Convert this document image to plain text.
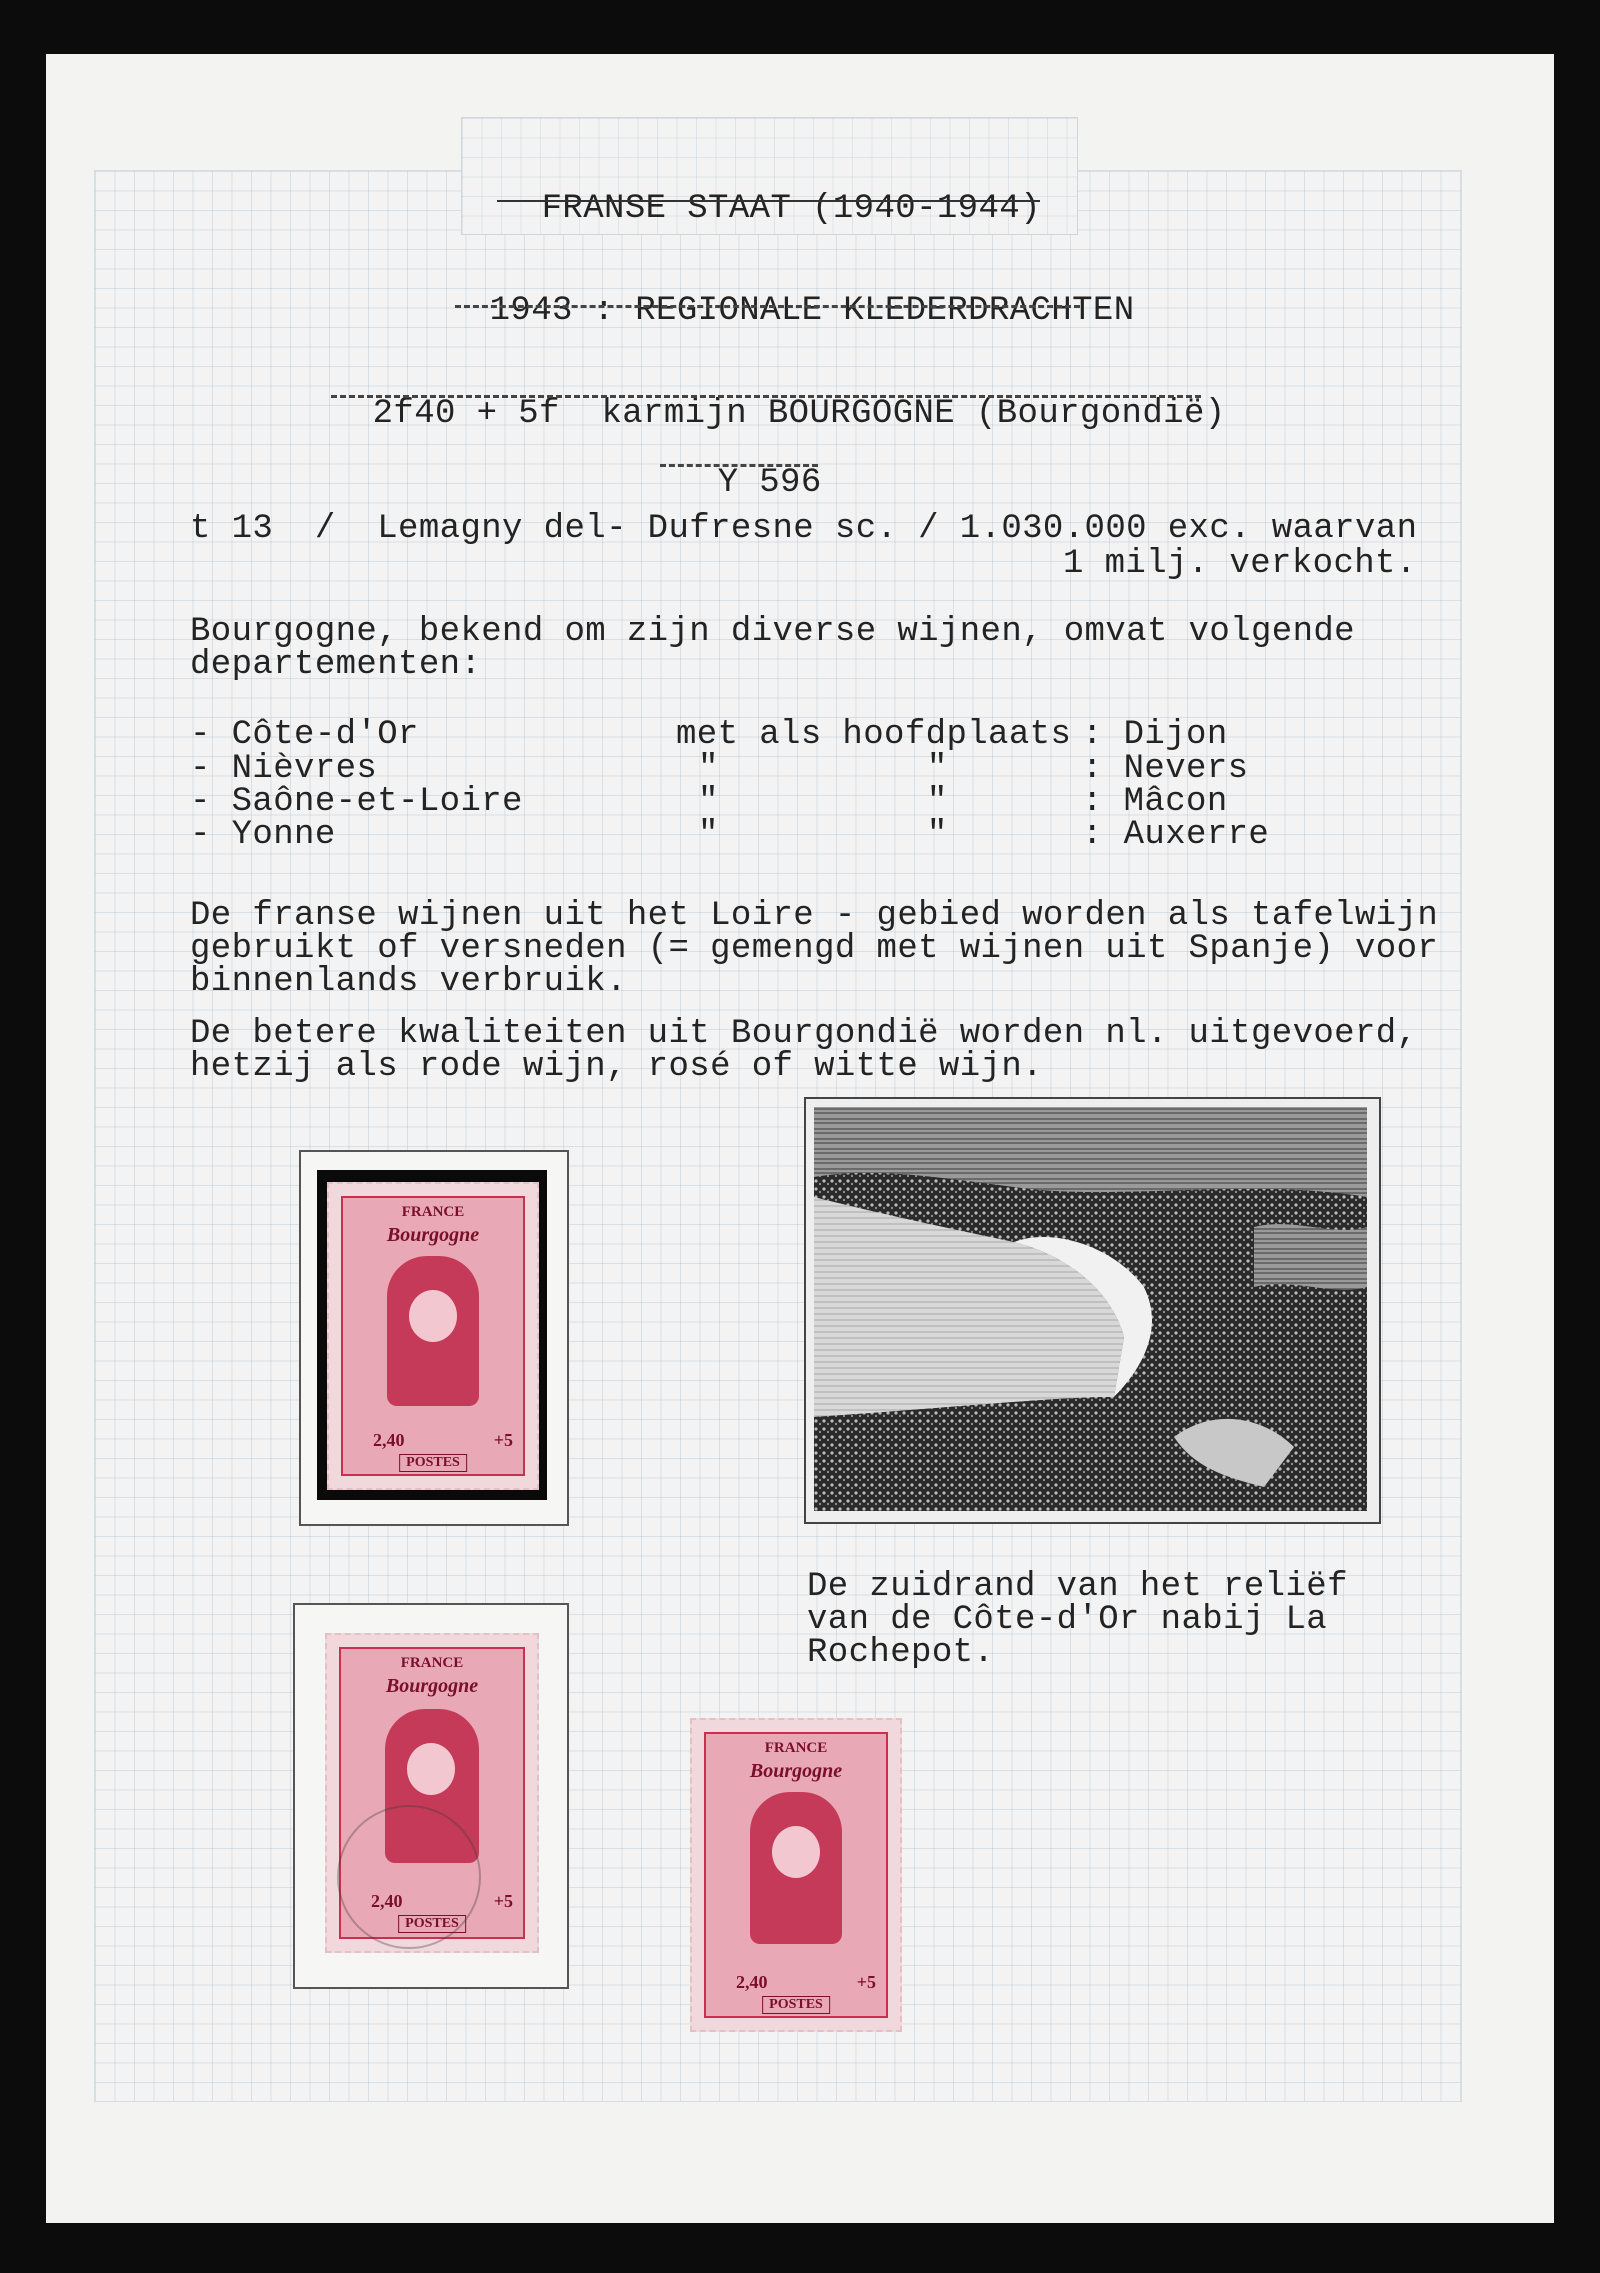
FRANSE STAAT (1940-1944)

1943 : REGIONALE KLEDERDRACHTEN

2f40 + 5f  karmijn BOURGOGNE (Bourgondië)

Y 596

t 13  /  Lemagny del- Dufresne sc. / 1.030.000 exc. waarvan
1 milj. verkocht.
Bourgogne, bekend om zijn diverse wijnen, omvat volgende
departementen:
- Côte-d'Or	met als hoofdplaats : Dijon
- Nièvres	"          "	: Nevers
- Saône-et-Loire	"          "	: Mâcon
- Yonne	"          "	: Auxerre
De franse wijnen uit het Loire - gebied worden als tafelwijn
gebruikt of versneden (= gemengd met wijnen uit Spanje) voor
binnenlands verbruik.
De betere kwaliteiten uit Bourgondië worden nl. uitgevoerd,
hetzij als rode wijn, rosé of witte wijn.
FRANCE
Bourgogne
2,40	+5
POSTES
FRANCE
Bourgogne
2,40	+5
POSTES
FRANCE
Bourgogne
2,40	+5
POSTES
De zuidrand van het reliëf
van de Côte-d'Or nabij La
Rochepot.
